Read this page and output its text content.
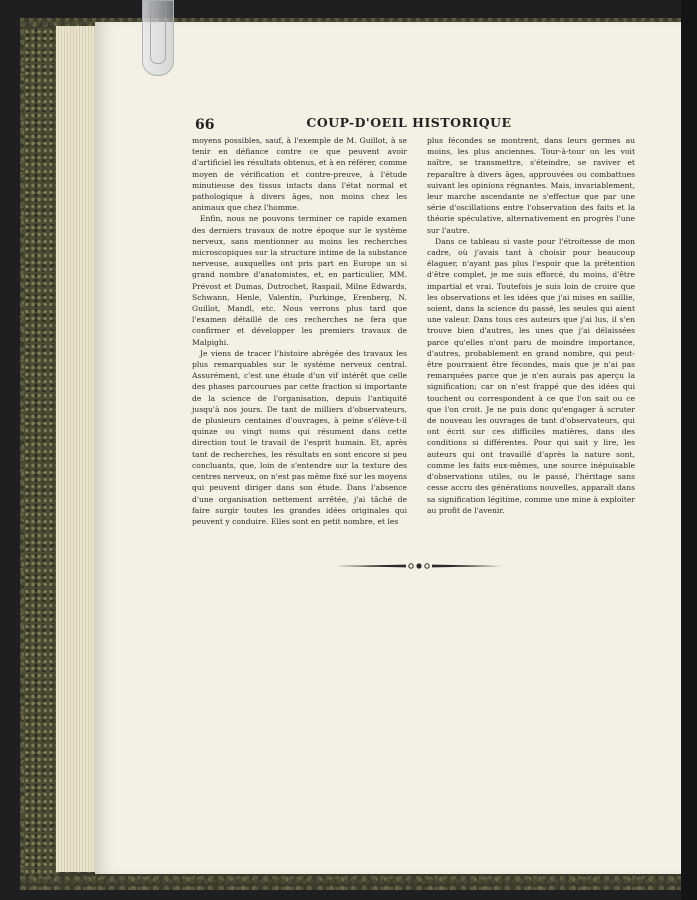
66	COUP-D'OEIL HISTORIQUE

moyens possibles, sauf, à l'exemple de M. Guillot, à se tenir en défiance contre ce que peuvent avoir d'artificiel les résultats obtenus, et à en référer, comme moyen de vérification et contre-preuve, à l'étude minutieuse des tissus intacts dans l'état normal et pathologique à divers âges, non moins chez les animaux que chez l'homme.

Enfin, nous ne pouvons terminer ce rapide examen des derniers travaux de notre époque sur le système nerveux, sans mentionner au moins les recherches microscopiques sur la structure intime de la substance nerveuse, auxquelles ont pris part en Europe un si grand nombre d'anatomistes, et, en particulier, MM. Prévost et Dumas, Dutrochet, Raspail, Milne Edwards, Schwann, Henle, Valentin, Purkinge, Erenberg, N. Guillot, Mandl, etc. Nous verrons plus tard que l'examen détaillé de ces recherches ne fera que confirmer et développer les premiers travaux de Malpighi.

Je viens de tracer l'histoire abrégée des travaux les plus remarquables sur le système nerveux central. Assurément, c'est une étude d'un vif intérêt que celle des phases parcourues par cette fraction si importante de la science de l'organisation, depuis l'antiquité jusqu'à nos jours. De tant de milliers d'observateurs, de plusieurs centaines d'ouvrages, à peine s'élève-t-il quinze ou vingt noms qui résument dans cette direction tout le travail de l'esprit humain. Et, après tant de recherches, les résultats en sont encore si peu concluants, que, loin de s'entendre sur la texture des centres nerveux, on n'est pas même fixé sur les moyens qui peuvent diriger dans son étude. Dans l'absence d'une organisation nettement arrêtée, j'ai tâché de faire surgir toutes les grandes idées originales qui peuvent y conduire. Elles sont en petit nombre, et les

plus fécondes se montrent, dans leurs germes au moins, les plus anciennes. Tour-à-tour on les voit naître, se transmettre, s'éteindre, se raviver et reparaître à divers âges, approuvées ou combattues suivant les opinions régnantes. Mais, invariablement, leur marche ascendante ne s'effectue que par une série d'oscillations entre l'observation des faits et la théorie spéculative, alternativement en progrès l'une sur l'autre.

Dans ce tableau si vaste pour l'étroitesse de mon cadre, où j'avais tant à choisir pour beaucoup élaguer, n'ayant pas plus l'espoir que la prétention d'être complet, je me suis efforcé, du moins, d'être impartial et vrai. Toutefois je suis loin de croire que les observations et les idées que j'ai mises en saillie, soient, dans la science du passé, les seules qui aient une valeur. Dans tous ces auteurs que j'ai lus, il s'en trouve bien d'autres, les unes que j'ai délaissées parce qu'elles n'ont paru de moindre importance, d'autres, probablement en grand nombre, qui peut-être pourraient être fécondes, mais que je n'ai pas remarquées parce que je n'en aurais pas aperçu la signification; car on n'est frappé que des idées qui touchent ou correspondent à ce que l'on sait ou ce que l'on croit. Je ne puis donc qu'engager à scruter de nouveau les ouvrages de tant d'observateurs, qui ont écrit sur ces difficiles matières, dans des conditions si différentes. Pour qui sait y lire, les auteurs qui ont travaillé d'après la nature sont, comme les faits eux-mêmes, une source inépuisable d'observations utiles, ou le passé, l'héritage sans cesse accru des générations nouvelles, apparaît dans sa signification légitime, comme une mine à exploiter au profit de l'avenir.
